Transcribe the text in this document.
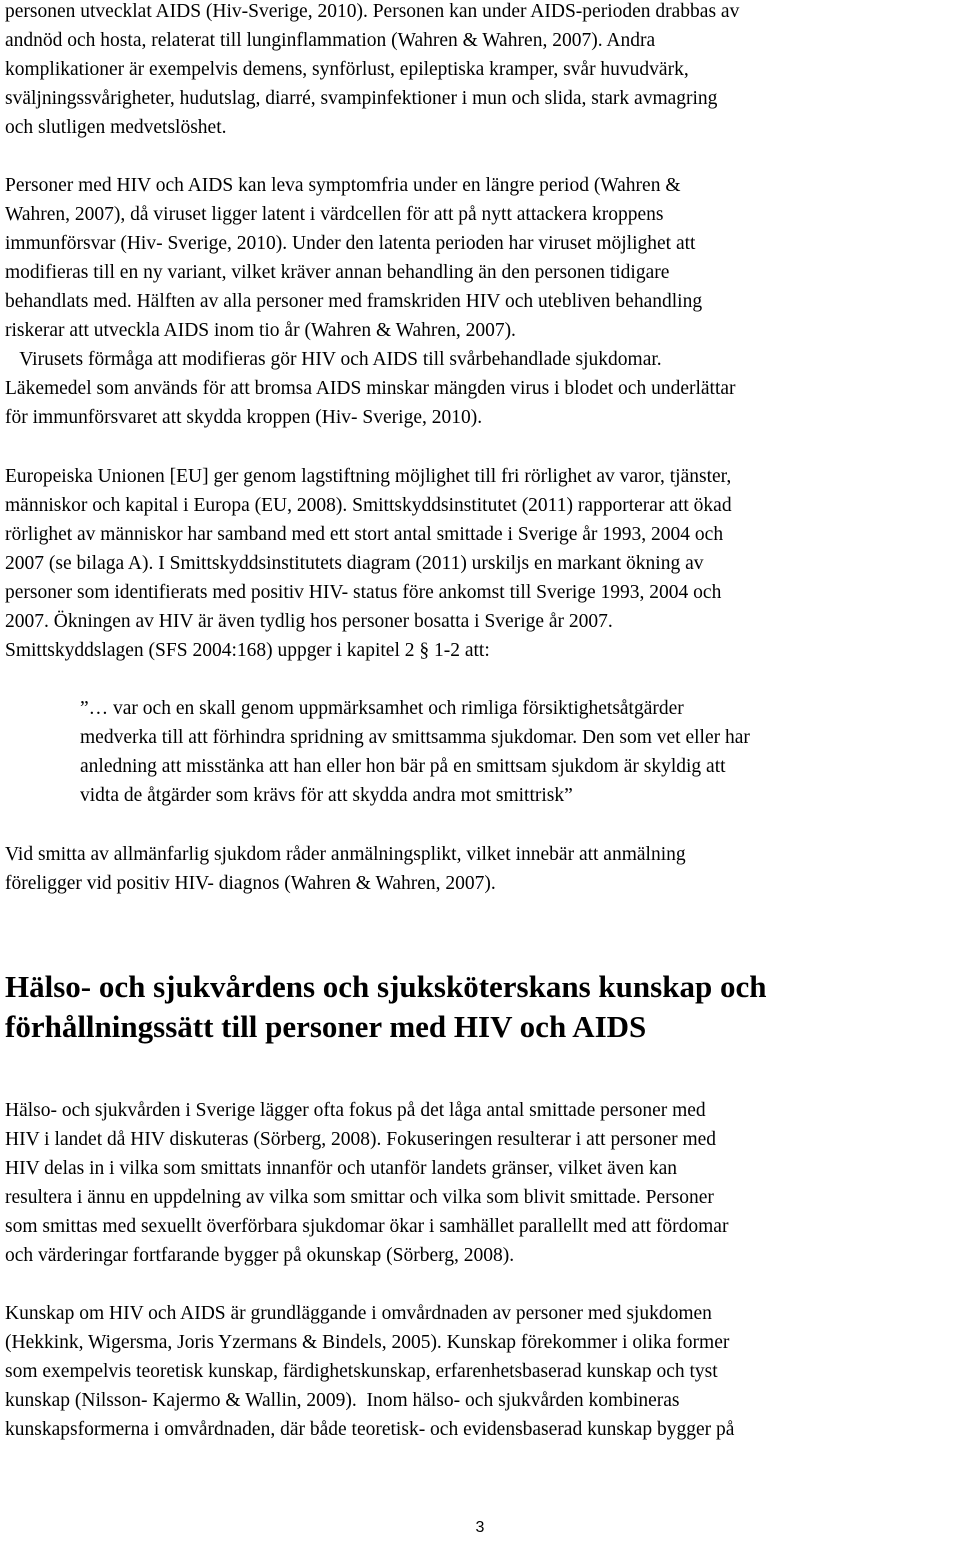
personen utvecklat AIDS (Hiv-Sverige, 2010). Personen kan under AIDS-perioden drabbas av
andnöd och hosta, relaterat till lunginflammation (Wahren & Wahren, 2007). Andra
komplikationer är exempelvis demens, synförlust, epileptiska kramper, svår huvudvärk,
sväljningssvårigheter, hudutslag, diarré, svampinfektioner i mun och slida, stark avmagring
och slutligen medvetslöshet.
Personer med HIV och AIDS kan leva symptomfria under en längre period (Wahren &
Wahren, 2007), då viruset ligger latent i värdcellen för att på nytt attackera kroppens
immunförsvar (Hiv- Sverige, 2010). Under den latenta perioden har viruset möjlighet att
modifieras till en ny variant, vilket kräver annan behandling än den personen tidigare
behandlats med. Hälften av alla personer med framskriden HIV och utebliven behandling
riskerar att utveckla AIDS inom tio år (Wahren & Wahren, 2007).
Virusets förmåga att modifieras gör HIV och AIDS till svårbehandlade sjukdomar.
Läkemedel som används för att bromsa AIDS minskar mängden virus i blodet och underlättar
för immunförsvaret att skydda kroppen (Hiv- Sverige, 2010).
Europeiska Unionen [EU] ger genom lagstiftning möjlighet till fri rörlighet av varor, tjänster,
människor och kapital i Europa (EU, 2008). Smittskyddsinstitutet (2011) rapporterar att ökad
rörlighet av människor har samband med ett stort antal smittade i Sverige år 1993, 2004 och
2007 (se bilaga A). I Smittskyddsinstitutets diagram (2011) urskiljs en markant ökning av
personer som identifierats med positiv HIV- status före ankomst till Sverige 1993, 2004 och
2007. Ökningen av HIV är även tydlig hos personer bosatta i Sverige år 2007.
Smittskyddslagen (SFS 2004:168) uppger i kapitel 2 § 1-2 att:
”… var och en skall genom uppmärksamhet och rimliga försiktighetsåtgärder
medverka till att förhindra spridning av smittsamma sjukdomar. Den som vet eller har
anledning att misstänka att han eller hon bär på en smittsam sjukdom är skyldig att
vidta de åtgärder som krävs för att skydda andra mot smittrisk”
Vid smitta av allmänfarlig sjukdom råder anmälningsplikt, vilket innebär att anmälning
föreligger vid positiv HIV- diagnos (Wahren & Wahren, 2007).
Hälso- och sjukvårdens och sjuksköterskans kunskap och
förhållningssätt till personer med HIV och AIDS
Hälso- och sjukvården i Sverige lägger ofta fokus på det låga antal smittade personer med
HIV i landet då HIV diskuteras (Sörberg, 2008). Fokuseringen resulterar i att personer med
HIV delas in i vilka som smittats innanför och utanför landets gränser, vilket även kan
resultera i ännu en uppdelning av vilka som smittar och vilka som blivit smittade. Personer
som smittas med sexuellt överförbara sjukdomar ökar i samhället parallellt med att fördomar
och värderingar fortfarande bygger på okunskap (Sörberg, 2008).
Kunskap om HIV och AIDS är grundläggande i omvårdnaden av personer med sjukdomen
(Hekkink, Wigersma, Joris Yzermans & Bindels, 2005). Kunskap förekommer i olika former
som exempelvis teoretisk kunskap, färdighetskunskap, erfarenhetsbaserad kunskap och tyst
kunskap (Nilsson- Kajermo & Wallin, 2009).  Inom hälso- och sjukvården kombineras
kunskapsformerna i omvårdnaden, där både teoretisk- och evidensbaserad kunskap bygger på
3
